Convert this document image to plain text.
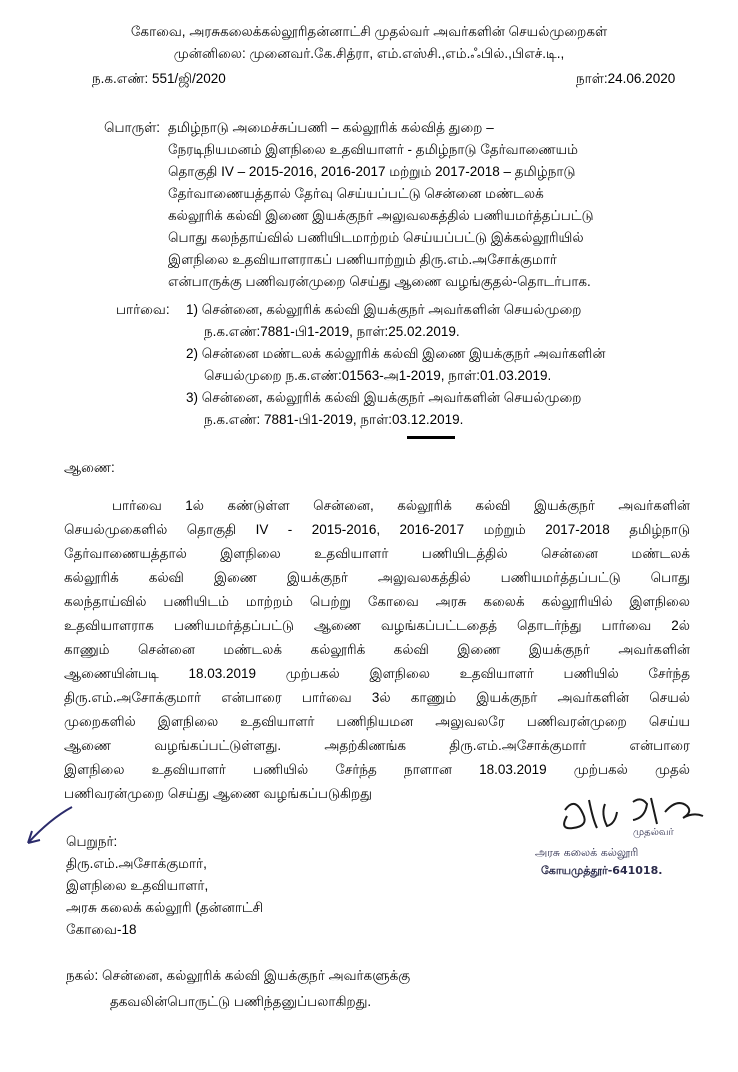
கோவை, அரசுகலைக்கல்லூரிதன்னாட்சி முதல்வர் அவர்களின் செயல்முறைகள்
முன்னிலை: முனைவர்.கே.சித்ரா, எம்.எஸ்சி.,எம்.ஃபில்.,பிஎச்.டி.,
ந.க.எண்: 551/ஜி/2020	நாள்:24.06.2020
பொருள்: தமிழ்நாடு அமைச்சுப்பணி – கல்லூரிக் கல்வித் துறை –
நேரடிநியமனம் இளநிலை உதவியாளர் - தமிழ்நாடு தேர்வாணையம்
தொகுதி IV – 2015-2016, 2016-2017 மற்றும் 2017-2018 – தமிழ்நாடு
தேர்வாணையத்தால் தேர்வு செய்யப்பட்டு சென்னை மண்டலக்
கல்லூரிக் கல்வி இணை இயக்குநர் அலுவலகத்தில் பணியமர்த்தப்பட்டு
பொது கலந்தாய்வில் பணியிடமாற்றம் செய்யப்பட்டு இக்கல்லூரியில்
இளநிலை உதவியாளராகப் பணியாற்றும் திரு.எம்.அசோக்குமார்
என்பாருக்கு பணிவரன்முறை செய்து ஆணை வழங்குதல்-தொடர்பாக.
பார்வை: 1) சென்னை, கல்லூரிக் கல்வி இயக்குநர் அவர்களின் செயல்முறை
ந.க.எண்:7881-பி1-2019, நாள்:25.02.2019.
2) சென்னை மண்டலக் கல்லூரிக் கல்வி இணை இயக்குநர் அவர்களின்
செயல்முறை ந.க.எண்:01563-அ1-2019, நாள்:01.03.2019.
3) சென்னை, கல்லூரிக் கல்வி இயக்குநர் அவர்களின் செயல்முறை
ந.க.எண்: 7881-பி1-2019, நாள்:03.12.2019.
ஆணை:
பார்வை 1ல் கண்டுள்ள சென்னை, கல்லூரிக் கல்வி இயக்குநர் அவர்களின்
செயல்முகைளில் தொகுதி IV - 2015-2016, 2016-2017 மற்றும் 2017-2018 தமிழ்நாடு
தேர்வாணையத்தால் இளநிலை உதவியாளர் பணியிடத்தில் சென்னை மண்டலக்
கல்லூரிக் கல்வி இணை இயக்குநர் அலுவலகத்தில் பணியமர்த்தப்பட்டு பொது
கலந்தாய்வில் பணியிடம் மாற்றம் பெற்று கோவை அரசு கலைக் கல்லூரியில் இளநிலை
உதவியாளராக பணியமர்த்தப்பட்டு ஆணை வழங்கப்பட்டதைத் தொடர்ந்து பார்வை 2ல்
காணும் சென்னை மண்டலக் கல்லூரிக் கல்வி இணை இயக்குநர் அவர்களின்
ஆணையின்படி 18.03.2019 முற்பகல் இளநிலை உதவியாளர் பணியில் சேர்ந்த
திரு.எம்.அசோக்குமார் என்பாரை பார்வை 3ல் காணும் இயக்குநர் அவர்களின் செயல்
முறைகளில் இளநிலை உதவியாளர் பணிநியமன அலுவலரே பணிவரன்முறை செய்ய
ஆணை வழங்கப்பட்டுள்ளது. அதற்கிணங்க திரு.எம்.அசோக்குமார் என்பாரை
இளநிலை உதவியாளர் பணியில் சேர்ந்த நாளான 18.03.2019 முற்பகல் முதல்
பணிவரன்முறை செய்து ஆணை வழங்கப்படுகிறது
முதல்வர்
அரசு கலைக் கல்லூரி
கோயமுத்தூர்-641018.
பெறுநர்:
திரு.எம்.அசோக்குமார்,
இளநிலை உதவியாளர்,
அரசு கலைக் கல்லூரி (தன்னாட்சி
கோவை-18
நகல்: சென்னை, கல்லூரிக் கல்வி இயக்குநர் அவர்களுக்கு
தகவலின்பொருட்டு பணிந்தனுப்பலாகிறது.
